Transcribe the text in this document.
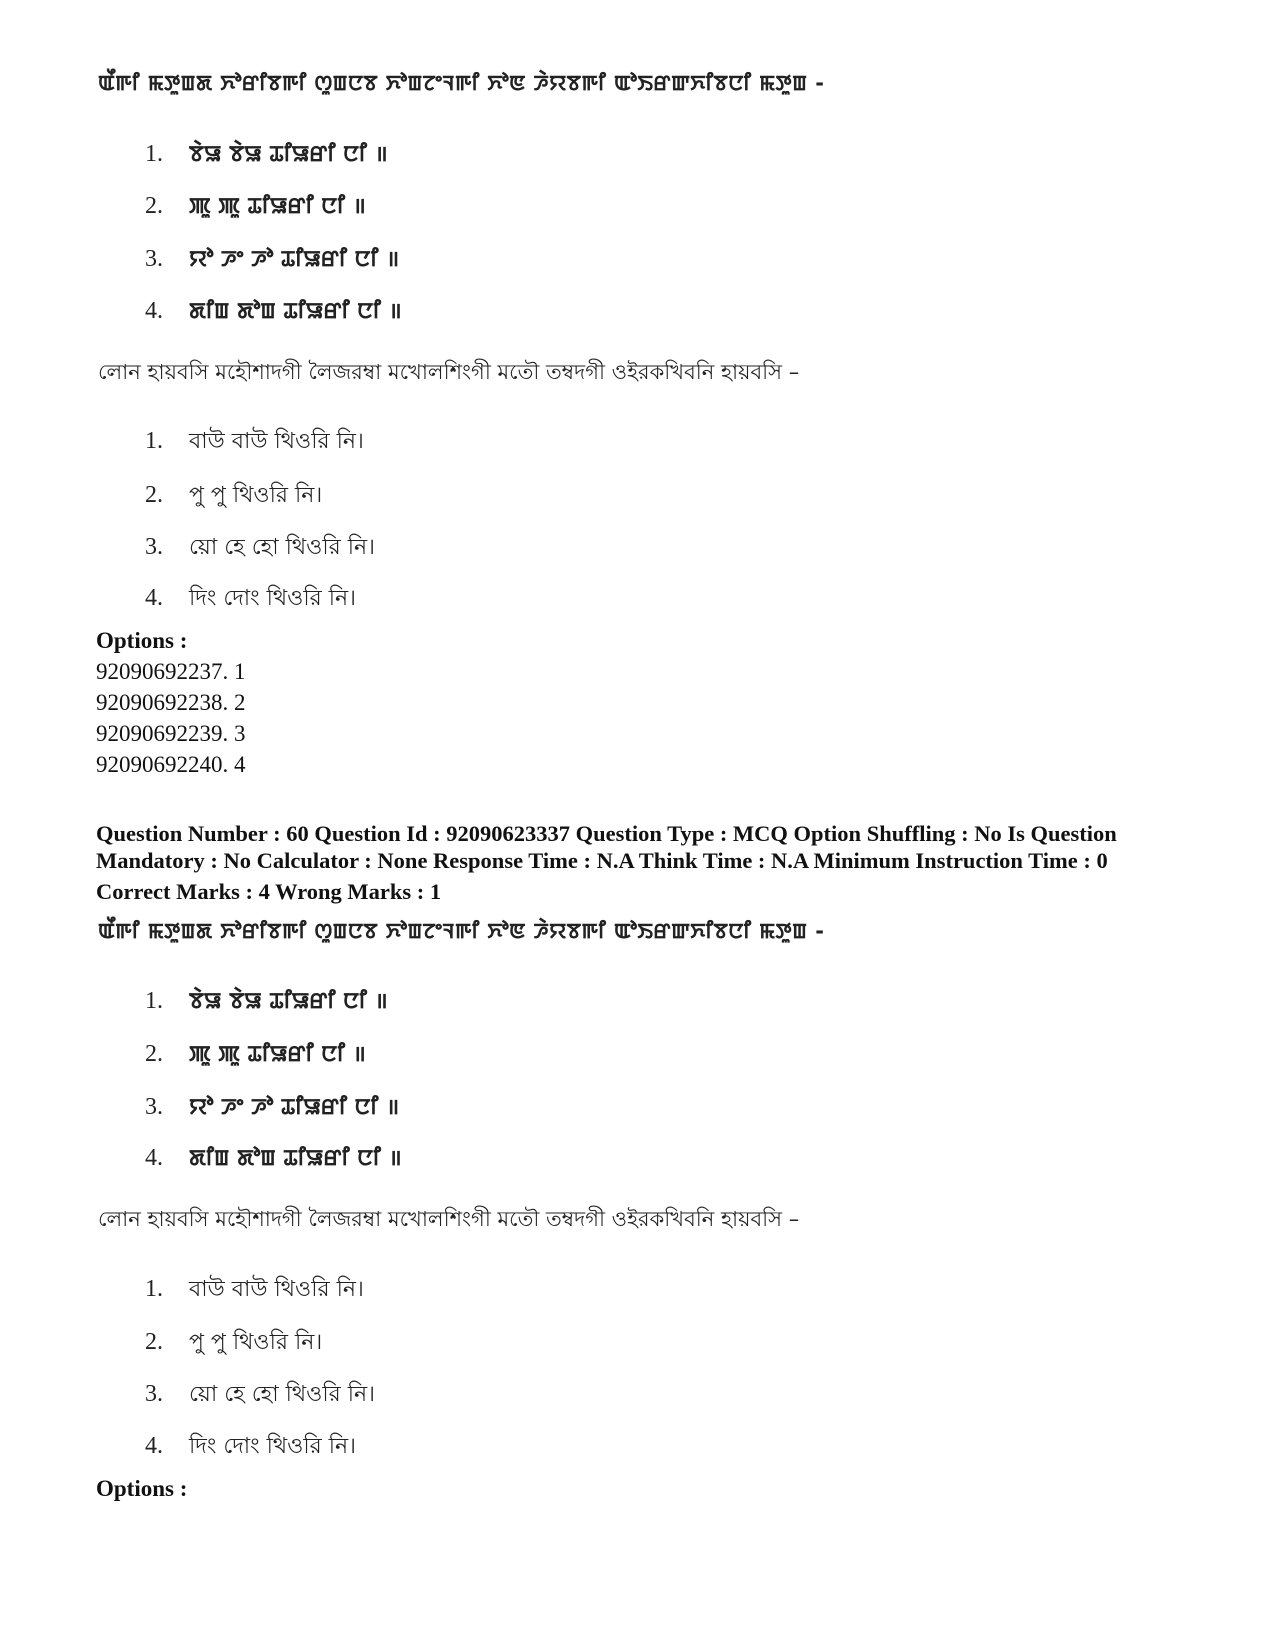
ꯑꯩꯒꯤ ꯃꯇꯨꯡꯗ ꯈꯣꯔꯤꯕꯒꯤ ꯁꯨꯡꯅꯕ ꯈꯣꯡꯖꯦꯜꯒꯤ ꯈꯣꯟ ꯍꯥꯌꯕꯒꯤ ꯑꯣꯏꯔꯛꯈꯤꯕꯅꯤ ꯃꯇꯨꯡ -
1. ꯕꯥꯎ ꯕꯥꯎ ꯊꯤꯎꯔꯤ ꯅꯤ ॥
2. ꯄꯨ ꯄꯨ ꯊꯤꯎꯔꯤ ꯅꯤ ॥
3. ꯌꯣ ꯍꯦ ꯍꯣ ꯊꯤꯎꯔꯤ ꯅꯤ ॥
4. ꯗꯤꯡ ꯗꯣꯡ ꯊꯤꯎꯔꯤ ꯅꯤ ॥
লোন হায়বসি মহৌশাদগী লৈজরম্বা মখোলশিংগী মতৌ তম্বদগী ওইরকখিবনি হায়বসি –
1. বাউ বাউ থিওরি নি।
2. পু পু থিওরি নি।
3. য়ো হে হো থিওরি নি।
4. দিং দোং থিওরি নি।
Options :
92090692237. 1
92090692238. 2
92090692239. 3
92090692240. 4
Question Number : 60 Question Id : 92090623337 Question Type : MCQ Option Shuffling : No Is Question
Mandatory : No Calculator : None Response Time : N.A Think Time : N.A Minimum Instruction Time : 0
Correct Marks : 4 Wrong Marks : 1
ꯑꯩꯒꯤ ꯃꯇꯨꯡꯗ ꯈꯣꯔꯤꯕꯒꯤ ꯁꯨꯡꯅꯕ ꯈꯣꯡꯖꯦꯜꯒꯤ ꯈꯣꯟ ꯍꯥꯌꯕꯒꯤ ꯑꯣꯏꯔꯛꯈꯤꯕꯅꯤ ꯃꯇꯨꯡ -
1. ꯕꯥꯎ ꯕꯥꯎ ꯊꯤꯎꯔꯤ ꯅꯤ ॥
2. ꯄꯨ ꯄꯨ ꯊꯤꯎꯔꯤ ꯅꯤ ॥
3. ꯌꯣ ꯍꯦ ꯍꯣ ꯊꯤꯎꯔꯤ ꯅꯤ ॥
4. ꯗꯤꯡ ꯗꯣꯡ ꯊꯤꯎꯔꯤ ꯅꯤ ॥
লোন হায়বসি মহৌশাদগী লৈজরম্বা মখোলশিংগী মতৌ তম্বদগী ওইরকখিবনি হায়বসি –
1. বাউ বাউ থিওরি নি।
2. পু পু থিওরি নি।
3. য়ো হে হো থিওরি নি।
4. দিং দোং থিওরি নি।
Options :
